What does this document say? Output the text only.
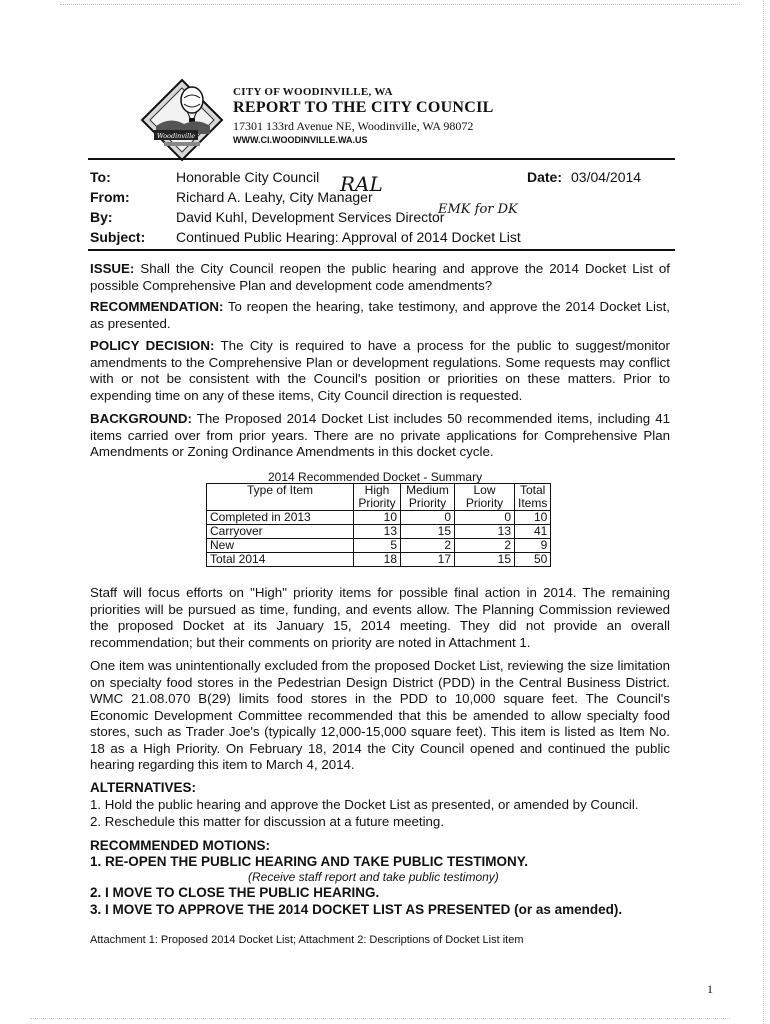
Woodinville
CITY OF WOODINVILLE, WA
REPORT TO THE CITY COUNCIL
17301 133rd Avenue NE, Woodinville, WA 98072
WWW.CI.WOODINVILLE.WA.US
To:	Honorable City Council	Date: 03/04/2014
From:	Richard A. Leahy, City Manager
By:	David Kuhl, Development Services Director
Subject:	Continued Public Hearing: Approval of 2014 Docket List
RAL
EMK for DK
ISSUE: Shall the City Council reopen the public hearing and approve the 2014 Docket List of possible Comprehensive Plan and development code amendments?
RECOMMENDATION: To reopen the hearing, take testimony, and approve the 2014 Docket List, as presented.
POLICY DECISION: The City is required to have a process for the public to suggest/monitor amendments to the Comprehensive Plan or development regulations. Some requests may conflict with or not be consistent with the Council's position or priorities on these matters. Prior to expending time on any of these items, City Council direction is requested.
BACKGROUND: The Proposed 2014 Docket List includes 50 recommended items, including 41 items carried over from prior years. There are no private applications for Comprehensive Plan Amendments or Zoning Ordinance Amendments in this docket cycle.
2014 Recommended Docket - Summary
Type of Item	High Priority	Medium Priority	Low Priority	Total Items
Completed in 2013	10	0	0	10
Carryover	13	15	13	41
New	5	2	2	9
Total 2014	18	17	15	50
Staff will focus efforts on "High" priority items for possible final action in 2014. The remaining priorities will be pursued as time, funding, and events allow. The Planning Commission reviewed the proposed Docket at its January 15, 2014 meeting. They did not provide an overall recommendation; but their comments on priority are noted in Attachment 1.
One item was unintentionally excluded from the proposed Docket List, reviewing the size limitation on specialty food stores in the Pedestrian Design District (PDD) in the Central Business District. WMC 21.08.070 B(29) limits food stores in the PDD to 10,000 square feet. The Council's Economic Development Committee recommended that this be amended to allow specialty food stores, such as Trader Joe's (typically 12,000-15,000 square feet). This item is listed as Item No. 18 as a High Priority. On February 18, 2014 the City Council opened and continued the public hearing regarding this item to March 4, 2014.
ALTERNATIVES:
1. Hold the public hearing and approve the Docket List as presented, or amended by Council.
2. Reschedule this matter for discussion at a future meeting.
RECOMMENDED MOTIONS:
1. RE-OPEN THE PUBLIC HEARING AND TAKE PUBLIC TESTIMONY.
(Receive staff report and take public testimony)
2. I MOVE TO CLOSE THE PUBLIC HEARING.
3. I MOVE TO APPROVE THE 2014 DOCKET LIST AS PRESENTED (or as amended).
Attachment 1: Proposed 2014 Docket List; Attachment 2: Descriptions of Docket List item
1
